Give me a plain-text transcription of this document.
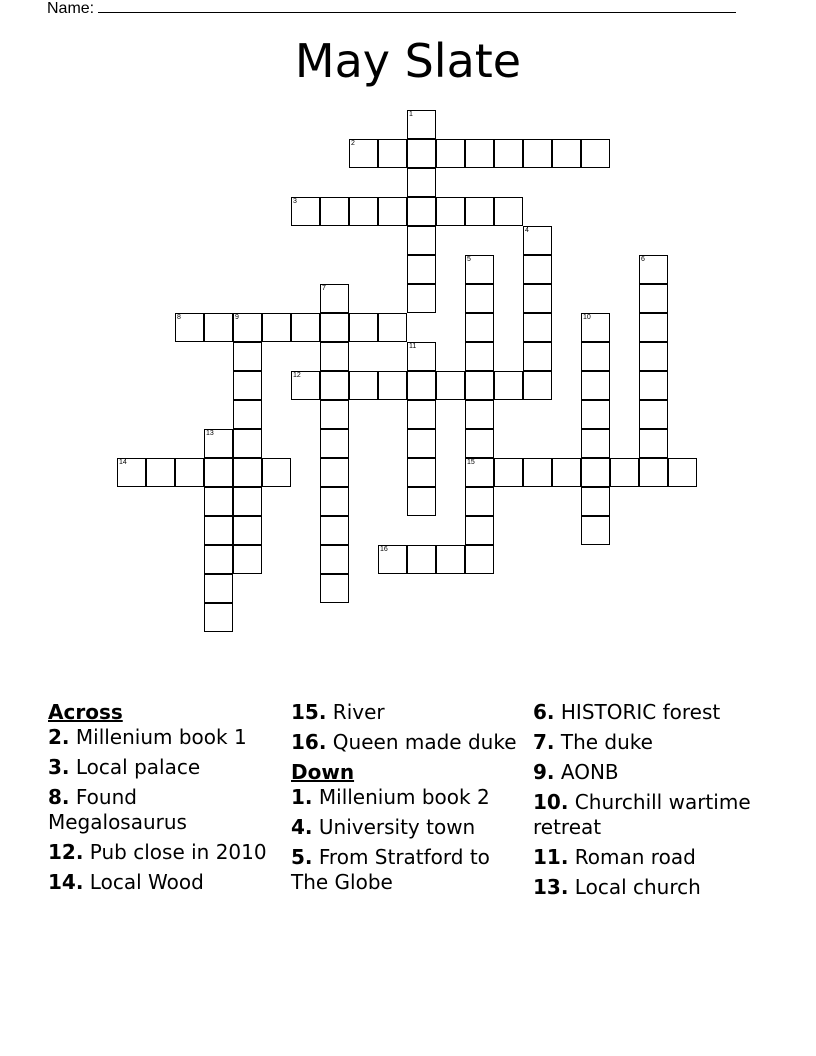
Name:
May Slate
1
2
3
4
5	6
7
8	9	10
11
12
13
14	15
16
Across
2. Millenium book 1
3. Local palace
8. Found Megalosaurus
12. Pub close in 2010
14. Local Wood
15. River
16. Queen made duke
Down
1. Millenium book 2
4. University town
5. From Stratford to The Globe
6. HISTORIC forest
7. The duke
9. AONB
10. Churchill wartime retreat
11. Roman road
13. Local church
